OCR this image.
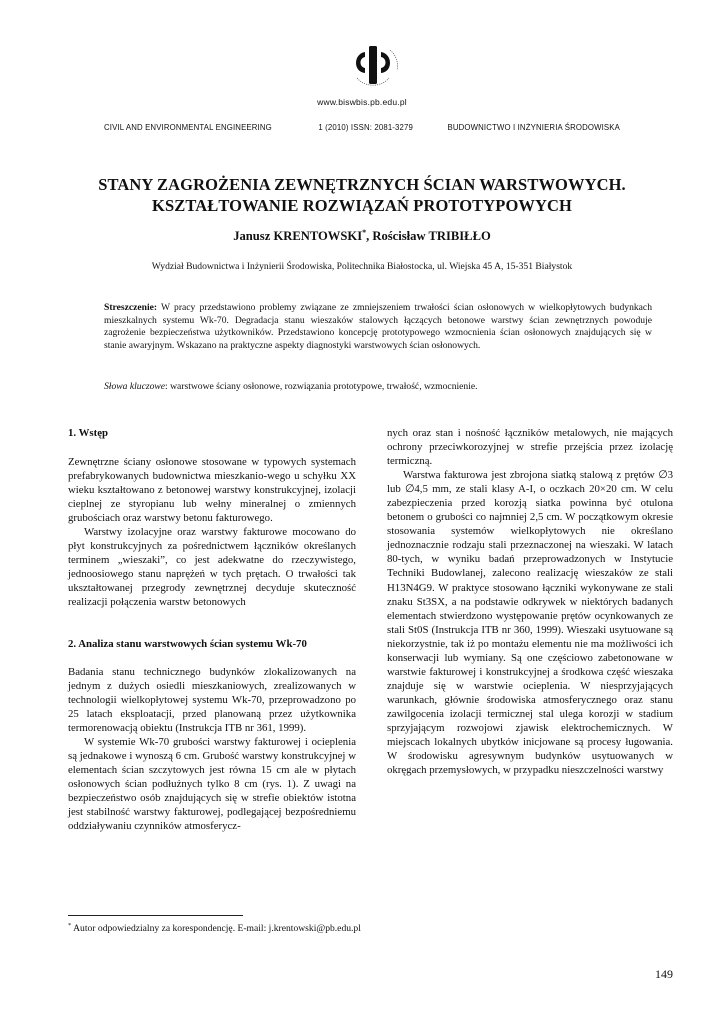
www.biswbis.pb.edu.pl
CIVIL AND ENVIRONMENTAL ENGINEERING	1 (2010) ISSN: 2081-3279	BUDOWNICTWO I INŻYNIERIA ŚRODOWISKA
STANY ZAGROŻENIA ZEWNĘTRZNYCH ŚCIAN WARSTWOWYCH.
KSZTAŁTOWANIE ROZWIĄZAŃ PROTOTYPOWYCH
Janusz KRENTOWSKI*, Rościsław TRIBIŁŁO
Wydział Budownictwa i Inżynierii Środowiska, Politechnika Białostocka, ul. Wiejska 45 A, 15-351 Białystok

Streszczenie: W pracy przedstawiono problemy związane ze zmniejszeniem trwałości ścian osłonowych w wielkopłytowych budynkach mieszkalnych systemu Wk-70. Degradacja stanu wieszaków stalowych łączących betonowe warstwy ścian zewnętrznych powoduje zagrożenie bezpieczeństwa użytkowników. Przedstawiono koncepcję prototypowego wzmocnienia ścian osłonowych znajdujących się w stanie awaryjnym. Wskazano na praktyczne aspekty diagnostyki warstwowych ścian osłonowych.

Słowa kluczowe: warstwowe ściany osłonowe, rozwiązania prototypowe, trwałość, wzmocnienie.

1. Wstęp

Zewnętrzne ściany osłonowe stosowane w typowych systemach prefabrykowanych budownictwa mieszkanio-wego u schyłku XX wieku kształtowano z betonowej warstwy konstrukcyjnej, izolacji cieplnej ze styropianu lub wełny mineralnej o zmiennych grubościach oraz warstwy betonu fakturowego.

Warstwy izolacyjne oraz warstwy fakturowe mocowano do płyt konstrukcyjnych za pośrednictwem łączników określanych terminem „wieszaki”, co jest adekwatne do rzeczywistego, jednoosiowego stanu naprężeń w tych prętach. O trwałości tak ukształtowanej przegrody zewnętrznej decyduje skuteczność realizacji połączenia warstw betonowych

2. Analiza stanu warstwowych ścian systemu Wk-70

Badania stanu technicznego budynków zlokalizowanych na jednym z dużych osiedli mieszkaniowych, zrealizowanych w technologii wielkopłytowej systemu Wk-70, przeprowadzono po 25 latach eksploatacji, przed planowaną przez użytkownika termorenowacją obiektu (Instrukcja ITB nr 361, 1999).

W systemie Wk-70 grubości warstwy fakturowej i ocieplenia są jednakowe i wynoszą 6 cm. Grubość warstwy konstrukcyjnej w elementach ścian szczytowych jest równa 15 cm ale w płytach osłonowych ścian podłużnych tylko 8 cm (rys. 1). Z uwagi na bezpieczeństwo osób znajdujących się w strefie obiektów istotna jest stabilność warstwy fakturowej, podlegającej bezpośredniemu oddziaływaniu czynników atmosferycz-

nych oraz stan i nośność łączników metalowych, nie mających ochrony przeciwkorozyjnej w strefie przejścia przez izolację termiczną.

Warstwa fakturowa jest zbrojona siatką stalową z prętów ∅3 lub ∅4,5 mm, ze stali klasy A-I, o oczkach 20×20 cm. W celu zabezpieczenia przed korozją siatka powinna być otulona betonem o grubości co najmniej 2,5 cm. W początkowym okresie stosowania systemów wielkopłytowych nie określano jednoznacznie rodzaju stali przeznaczonej na wieszaki. W latach 80-tych, w wyniku badań przeprowadzonych w Instytucie Techniki Budowlanej, zalecono realizację wieszaków ze stali H13N4G9. W praktyce stosowano łączniki wykonywane ze stali znaku St3SX, a na podstawie odkrywek w niektórych badanych elementach stwierdzono występowanie prętów ocynkowanych ze stali St0S (Instrukcja ITB nr 360, 1999). Wieszaki usytuowane są niekorzystnie, tak iż po montażu elementu nie ma możliwości ich konserwacji lub wymiany. Są one częściowo zabetonowane w warstwie fakturowej i konstrukcyjnej a środkowa część wieszaka znajduje się w warstwie ocieplenia. W niesprzyjających warunkach, głównie środowiska atmosferycznego oraz stanu zawilgocenia izolacji termicznej stal ulega korozji w stadium sprzyjającym rozwojowi zjawisk elektrochemicznych. W miejscach lokalnych ubytków inicjowane są procesy ługowania. W środowisku agresywnym budynków usytuowanych w okręgach przemysłowych, w przypadku nieszczelności warstwy

* Autor odpowiedzialny za korespondencję. E-mail: j.krentowski@pb.edu.pl
149
